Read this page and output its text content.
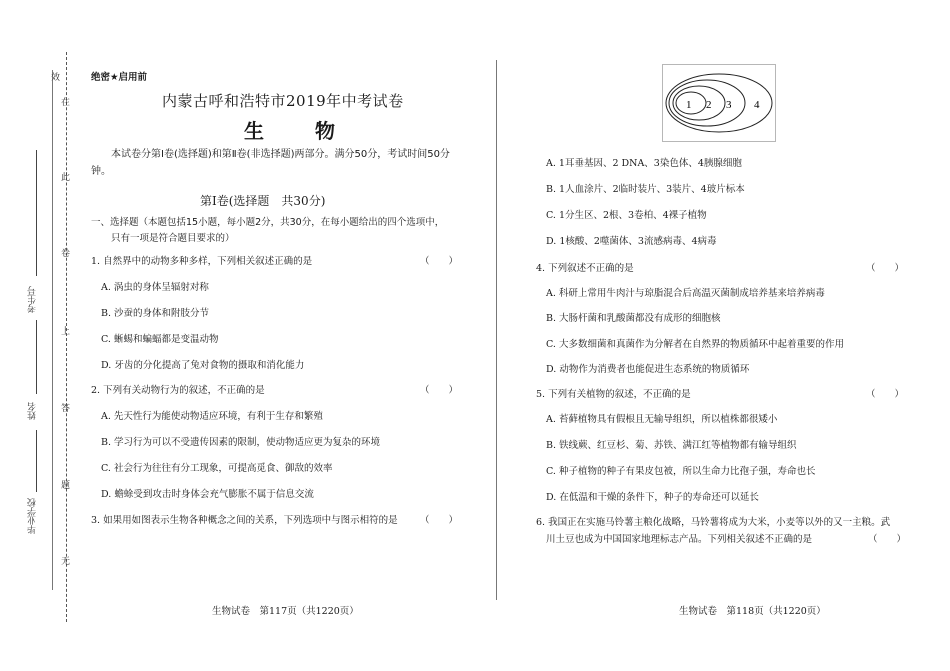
效
在
此
卷
上
答
题
无
考生号
姓名
毕业学校
绝密★启用前
内蒙古呼和浩特市2019年中考试卷
生 物
本试卷分第Ⅰ卷(选择题)和第Ⅱ卷(非选择题)两部分。满分50分，考试时间50分钟。
第Ⅰ卷(选择题　共30分)
一、选择题（本题包括15小题，每小题2分，共30分，在每小题给出的四个选项中，
只有一项是符合题目要求的）
1. 自然界中的动物多种多样，下列相关叙述正确的是	（　　）
A. 涡虫的身体呈辐射对称
B. 沙蚕的身体和附肢分节
C. 蜥蜴和蝙蝠都是变温动物
D. 牙齿的分化提高了兔对食物的摄取和消化能力
2. 下列有关动物行为的叙述，不正确的是	（　　）
A. 先天性行为能使动物适应环境，有利于生存和繁殖
B. 学习行为可以不受遗传因素的限制，使动物适应更为复杂的环境
C. 社会行为往往有分工现象，可提高觅食、御敌的效率
D. 蟾蜍受到攻击时身体会充气膨胀不属于信息交流
3. 如果用如图表示生物各种概念之间的关系，下列选项中与图示相符的是 （　　）
生物试卷　第117页（共1220页）
1 2 3 4
A. 1耳垂基因、2 DNA、3染色体、4胰腺细胞
B. 1人血涂片、2临时装片、3装片、4玻片标本
C. 1分生区、2根、3卷柏、4裸子植物
D. 1核酸、2噬菌体、3流感病毒、4病毒
4. 下列叙述不正确的是	（　　）
A. 科研上常用牛肉汁与琼脂混合后高温灭菌制成培养基来培养病毒
B. 大肠杆菌和乳酸菌都没有成形的细胞核
C. 大多数细菌和真菌作为分解者在自然界的物质循环中起着重要的作用
D. 动物作为消费者也能促进生态系统的物质循环
5. 下列有关植物的叙述，不正确的是	（　　）
A. 苔藓植物具有假根且无输导组织，所以植株都很矮小
B. 铁线蕨、红豆杉、菊、苏铁、满江红等植物都有输导组织
C. 种子植物的种子有果皮包被，所以生命力比孢子强，寿命也长
D. 在低温和干燥的条件下，种子的寿命还可以延长
6. 我国正在实施马铃薯主粮化战略，马铃薯将成为大米，小麦等以外的又一主粮。武
川土豆也成为中国国家地理标志产品。下列相关叙述不正确的是	（　　）
生物试卷　第118页（共1220页）
